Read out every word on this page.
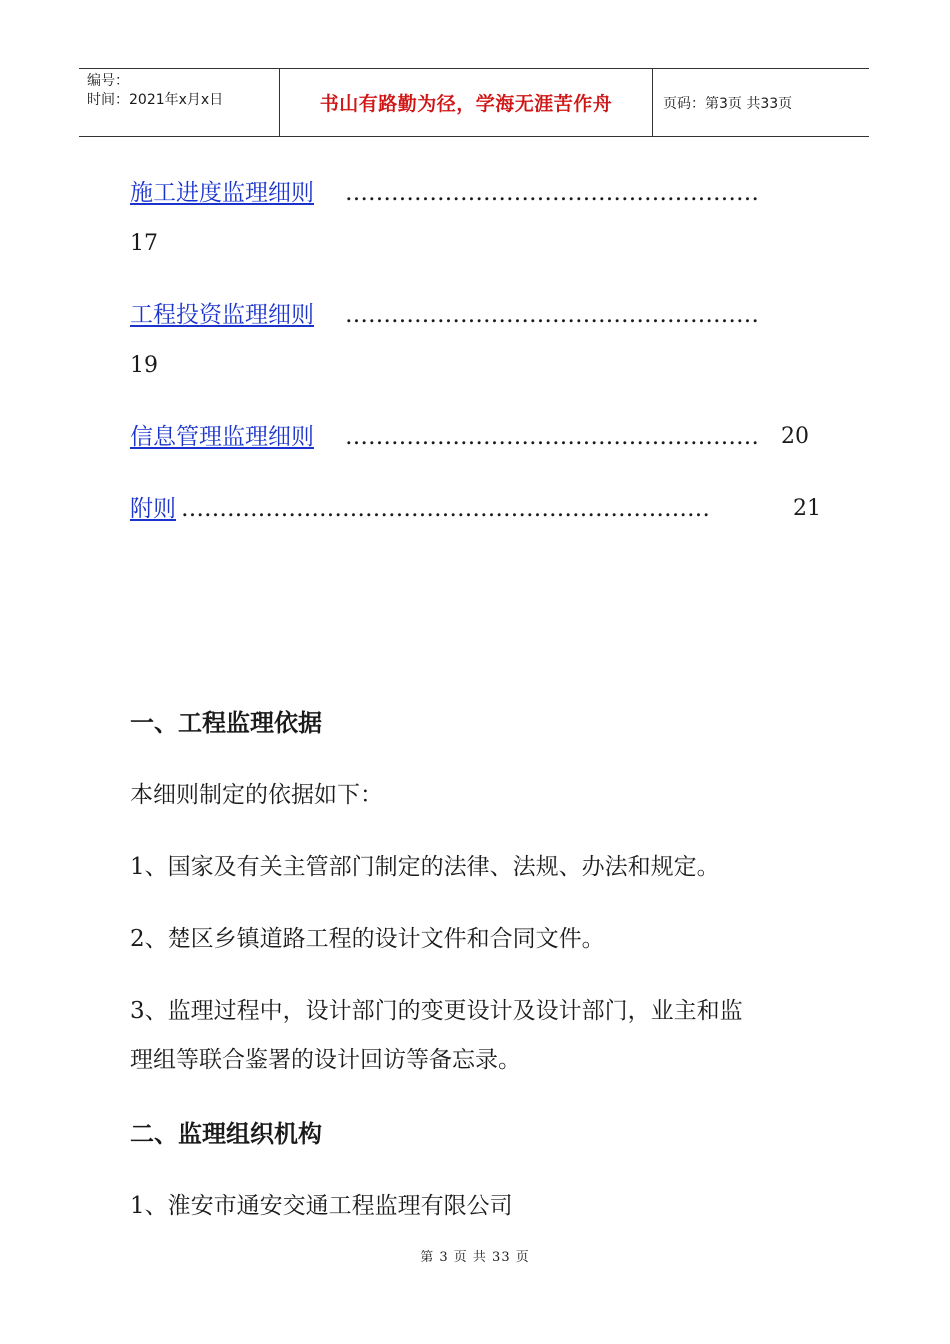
编号：
时间：2021年x月x日	书山有路勤为径，学海无涯苦作舟	页码：第3页 共33页
施工进度监理细则 ………………………………………………
17
工程投资监理细则 ………………………………………………
19
信息管理监理细则 ………………………………………………	20
附则 ……………………………………………………………	21
一、工程监理依据
本细则制定的依据如下：
1、国家及有关主管部门制定的法律、法规、办法和规定。
2、楚区乡镇道路工程的设计文件和合同文件。
3、监理过程中，设计部门的变更设计及设计部门，业主和监
理组等联合鉴署的设计回访等备忘录。
二、监理组织机构
1、淮安市通安交通工程监理有限公司
第 3 页 共 33 页
